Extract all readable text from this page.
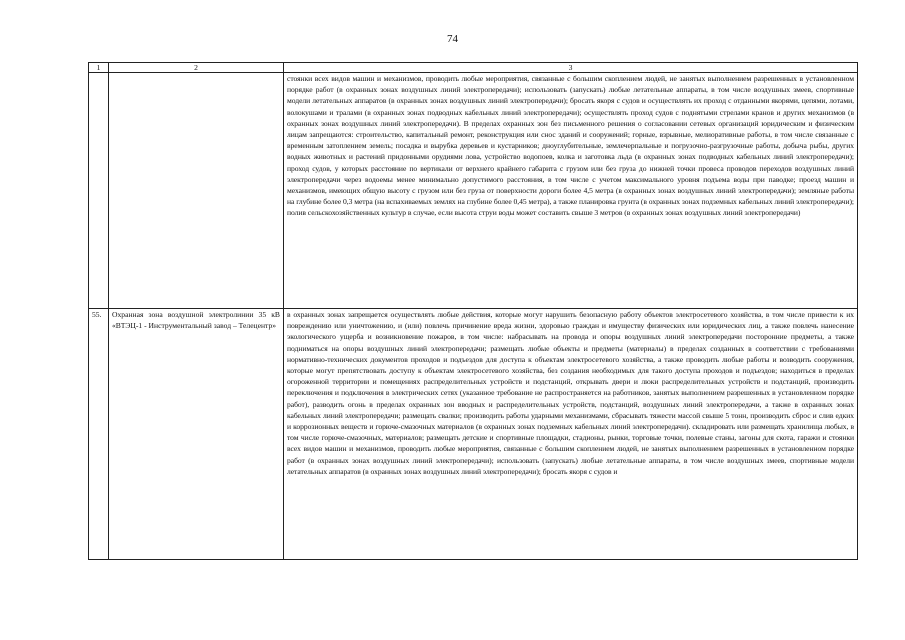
74
1	2	3
		стоянки всех видов машин и механизмов, проводить любые мероприятия, связанные с большим скоплением людей, не занятых выполнением разрешенных в установленном порядке работ (в охранных зонах воздушных линий электропередачи); использовать (запускать) любые летательные аппараты, в том числе воздушных змеев, спортивные модели летательных аппаратов (в охранных зонах воздушных линий электропередачи); бросать якоря с судов и осуществлять их проход с отданными якорями, цепями, лотами, волокушами и тралами (в охранных зонах подводных кабельных линий электропередачи); осуществлять проход судов с поднятыми стрелами кранов и других механизмов (в охранных зонах воздушных линий электропередачи). В пределах охранных зон без письменного решения о согласовании сетевых организаций юридическим и физическим лицам запрещаются: строительство, капитальный ремонт, реконструкция или снос зданий и сооружений; горные, взрывные, мелиоративные работы, в том числе связанные с временным затоплением земель; посадка и вырубка деревьев и кустарников; дноуглубительные, землечерпальные и погрузочно-разгрузочные работы, добыча рыбы, других водных животных и растений придонными орудиями лова, устройство водопоев, колка и заготовка льда (в охранных зонах подводных кабельных линий электропередачи); проход судов, у которых расстояние по вертикали от верхнего крайнего габарита с грузом или без груза до нижней точки провеса проводов переходов воздушных линий электропередачи через водоемы менее минимально допустимого расстояния, в том числе с учетом максимального уровня подъема воды при паводке; проезд машин и механизмов, имеющих общую высоту с грузом или без груза от поверхности дороги более 4,5 метра (в охранных зонах воздушных линий электропередачи); земляные работы на глубине более 0,3 метра (на вспахиваемых землях на глубине более 0,45 метра), а также планировка грунта (в охранных зонах подземных кабельных линий электропередачи); полив сельскохозяйственных культур в случае, если высота струи воды может составить свыше 3 метров (в охранных зонах воздушных линий электропередачи)
55.	Охранная зона воздушной электролинии 35 кВ «ВТЭЦ-1 - Инструментальный завод – Телецентр»	в охранных зонах запрещается осуществлять любые действия, которые могут нарушить безопасную работу объектов электросетевого хозяйства, в том числе привести к их повреждению или уничтожению, и (или) повлечь причинение вреда жизни, здоровью граждан и имуществу физических или юридических лиц, а также повлечь нанесение экологического ущерба и возникновение пожаров, в том числе: набрасывать на провода и опоры воздушных линий электропередачи посторонние предметы, а также подниматься на опоры воздушных линий электропередачи; размещать любые объекты и предметы (материалы) в пределах созданных в соответствии с требованиями нормативно-технических документов проходов и подъездов для доступа к объектам электросетевого хозяйства, а также проводить любые работы и возводить сооружения, которые могут препятствовать доступу к объектам электросетевого хозяйства, без создания необходимых для такого доступа проходов и подъездов; находиться в пределах огороженной территории и помещениях распределительных устройств и подстанций, открывать двери и люки распределительных устройств и подстанций, производить переключения и подключения в электрических сетях (указанное требование не распространяется на работников, занятых выполнением разрешенных в установленном порядке работ), разводить огонь в пределах охранных зон вводных и распределительных устройств, подстанций, воздушных линий электропередачи, а также в охранных зонах кабельных линий электропередачи; размещать свалки; производить работы ударными механизмами, сбрасывать тяжести массой свыше 5 тонн, производить сброс и слив едких и коррозионных веществ и горюче-смазочных материалов (в охранных зонах подземных кабельных линий электропередачи). складировать или размещать хранилища любых, в том числе горюче-смазочных, материалов; размещать детские и спортивные площадки, стадионы, рынки, торговые точки, полевые станы, загоны для скота, гаражи и стоянки всех видов машин и механизмов, проводить любые мероприятия, связанные с большим скоплением людей, не занятых выполнением разрешенных в установленном порядке работ (в охранных зонах воздушных линий электропередачи); использовать (запускать) любые летательные аппараты, в том числе воздушных змеев, спортивные модели летательных аппаратов (в охранных зонах воздушных линий электропередачи); бросать якоря с судов и
